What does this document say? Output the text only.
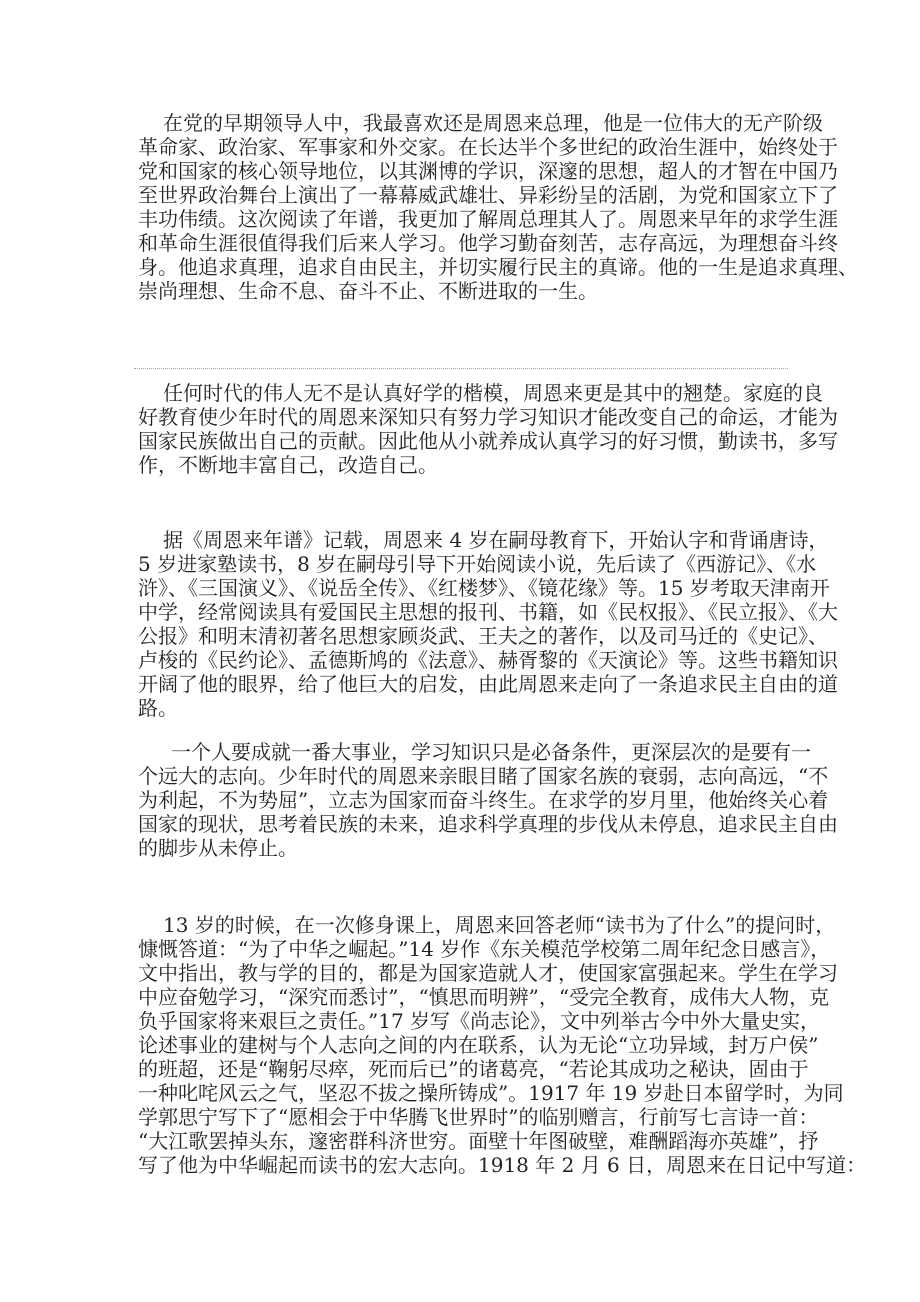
在党的早期领导人中，我最喜欢还是周恩来总理，他是一位伟大的无产阶级
革命家、政治家、军事家和外交家。在长达半个多世纪的政治生涯中，始终处于
党和国家的核心领导地位，以其渊博的学识，深邃的思想，超人的才智在中国乃
至世界政治舞台上演出了一幕幕威武雄壮、异彩纷呈的活剧，为党和国家立下了
丰功伟绩。这次阅读了年谱，我更加了解周总理其人了。周恩来早年的求学生涯
和革命生涯很值得我们后来人学习。他学习勤奋刻苦，志存高远，为理想奋斗终
身。他追求真理，追求自由民主，并切实履行民主的真谛。他的一生是追求真理、
崇尚理想、生命不息、奋斗不止、不断进取的一生。
任何时代的伟人无不是认真好学的楷模，周恩来更是其中的翘楚。家庭的良
好教育使少年时代的周恩来深知只有努力学习知识才能改变自己的命运，才能为
国家民族做出自己的贡献。因此他从小就养成认真学习的好习惯，勤读书，多写
作，不断地丰富自己，改造自己。
据《周恩来年谱》记载，周恩来 4 岁在嗣母教育下，开始认字和背诵唐诗，
5 岁进家塾读书，8 岁在嗣母引导下开始阅读小说，先后读了《西游记》、《水
浒》、《三国演义》、《说岳全传》、《红楼梦》、《镜花缘》等。15 岁考取天津南开
中学，经常阅读具有爱国民主思想的报刊、书籍，如《民权报》、《民立报》、《大
公报》和明末清初著名思想家顾炎武、王夫之的著作，以及司马迁的《史记》、
卢梭的《民约论》、孟德斯鸠的《法意》、赫胥黎的《天演论》等。这些书籍知识
开阔了他的眼界，给了他巨大的启发，由此周恩来走向了一条追求民主自由的道
路。
一个人要成就一番大事业，学习知识只是必备条件，更深层次的是要有一
个远大的志向。少年时代的周恩来亲眼目睹了国家名族的衰弱，志向高远，“不
为利起，不为势屈”，立志为国家而奋斗终生。在求学的岁月里，他始终关心着
国家的现状，思考着民族的未来，追求科学真理的步伐从未停息，追求民主自由
的脚步从未停止。
13 岁的时候，在一次修身课上，周恩来回答老师“读书为了什么”的提问时，
慷慨答道：“为了中华之崛起。”14 岁作《东关模范学校第二周年纪念日感言》，
文中指出，教与学的目的，都是为国家造就人才，使国家富强起来。学生在学习
中应奋勉学习，“深究而悉讨”，“慎思而明辨”，“受完全教育，成伟大人物，克
负乎国家将来艰巨之责任。”17 岁写《尚志论》，文中列举古今中外大量史实，
论述事业的建树与个人志向之间的内在联系，认为无论“立功异域，封万户侯”
的班超，还是“鞠躬尽瘁，死而后已”的诸葛亮，“若论其成功之秘诀，固由于
一种叱咤风云之气，坚忍不拔之操所铸成”。1917 年 19 岁赴日本留学时，为同
学郭思宁写下了“愿相会于中华腾飞世界时”的临别赠言，行前写七言诗一首：
“大江歌罢掉头东，邃密群科济世穷。面壁十年图破壁，难酬蹈海亦英雄”，抒
写了他为中华崛起而读书的宏大志向。1918 年 2 月 6 日，周恩来在日记中写道：
